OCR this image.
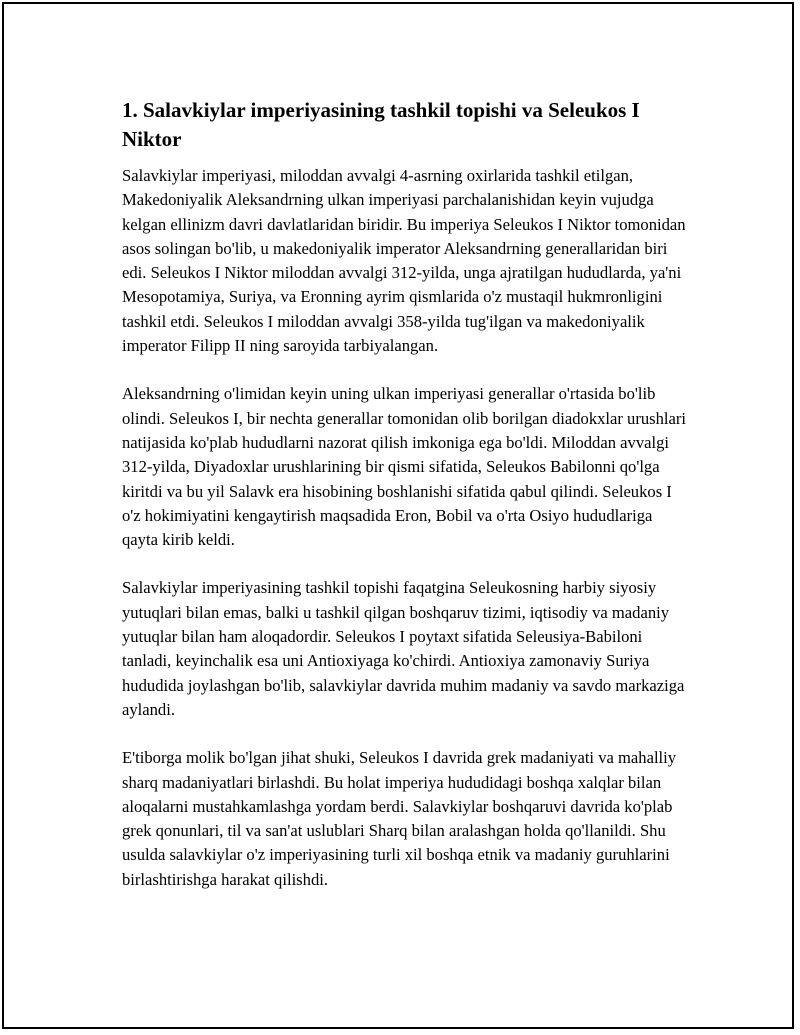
1. Salavkiylar imperiyasining tashkil topishi va Seleukos I Niktor

Salavkiylar imperiyasi, miloddan avvalgi 4-asrning oxirlarida tashkil etilgan, Makedoniyalik Aleksandrning ulkan imperiyasi parchalanishidan keyin vujudga kelgan ellinizm davri davlatlaridan biridir. Bu imperiya Seleukos I Niktor tomonidan asos solingan bo'lib, u makedoniyalik imperator Aleksandrning generallaridan biri edi. Seleukos I Niktor miloddan avvalgi 312-yilda, unga ajratilgan hududlarda, ya'ni Mesopotamiya, Suriya, va Eronning ayrim qismlarida o'z mustaqil hukmronligini tashkil etdi. Seleukos I miloddan avvalgi 358-yilda tug'ilgan va makedoniyalik imperator Filipp II ning saroyida tarbiyalangan.

Aleksandrning o'limidan keyin uning ulkan imperiyasi generallar o'rtasida bo'lib olindi. Seleukos I, bir nechta generallar tomonidan olib borilgan diadokxlar urushlari natijasida ko'plab hududlarni nazorat qilish imkoniga ega bo'ldi. Miloddan avvalgi 312-yilda, Diyadoxlar urushlarining bir qismi sifatida, Seleukos Babilonni qo'lga kiritdi va bu yil Salavk era hisobining boshlanishi sifatida qabul qilindi. Seleukos I o'z hokimiyatini kengaytirish maqsadida Eron, Bobil va o'rta Osiyo hududlariga qayta kirib keldi.

Salavkiylar imperiyasining tashkil topishi faqatgina Seleukosning harbiy siyosiy yutuqlari bilan emas, balki u tashkil qilgan boshqaruv tizimi, iqtisodiy va madaniy yutuqlar bilan ham aloqadordir. Seleukos I poytaxt sifatida Seleusiya-Babiloni tanladi, keyinchalik esa uni Antioxiyaga ko'chirdi. Antioxiya zamonaviy Suriya hududida joylashgan bo'lib, salavkiylar davrida muhim madaniy va savdo markaziga aylandi.

E'tiborga molik bo'lgan jihat shuki, Seleukos I davrida grek madaniyati va mahalliy sharq madaniyatlari birlashdi. Bu holat imperiya hududidagi boshqa xalqlar bilan aloqalarni mustahkamlashga yordam berdi. Salavkiylar boshqaruvi davrida ko'plab grek qonunlari, til va san'at uslublari Sharq bilan aralashgan holda qo'llanildi. Shu usulda salavkiylar o'z imperiyasining turli xil boshqa etnik va madaniy guruhlarini birlashtirishga harakat qilishdi.
